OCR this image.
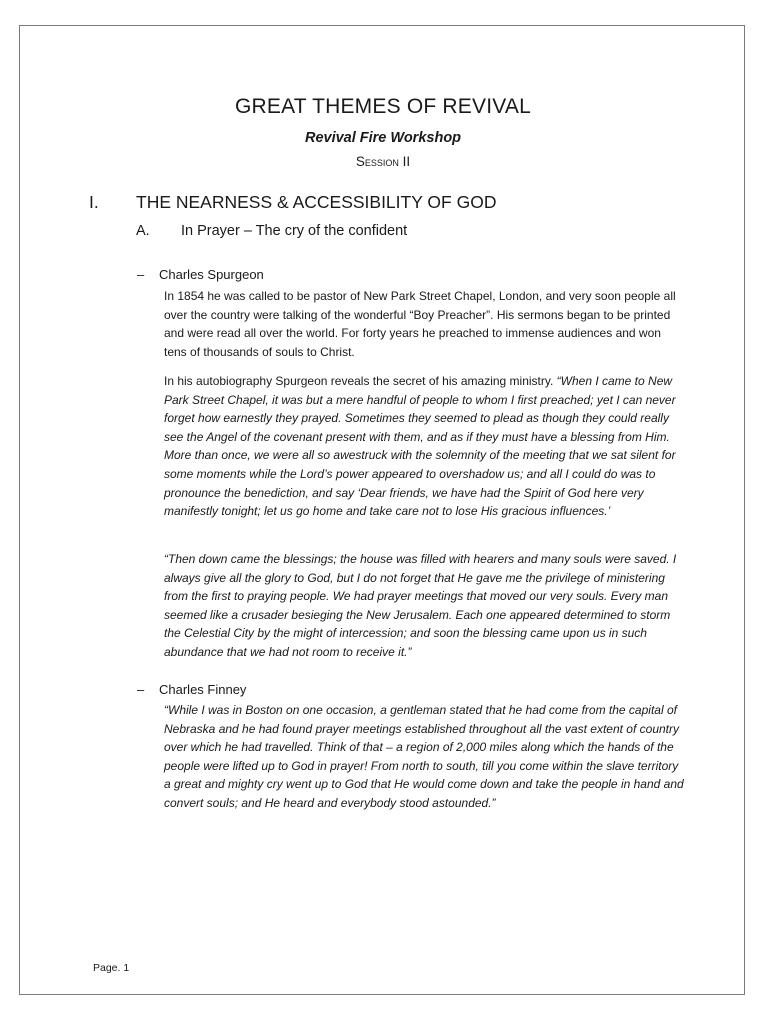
GREAT THEMES OF REVIVAL
Revival Fire Workshop
Session II
I. THE NEARNESS & ACCESSIBILITY OF GOD
A. In Prayer – The cry of the confident
– Charles Spurgeon
In 1854 he was called to be pastor of New Park Street Chapel, London, and very soon people all over the country were talking of the wonderful “Boy Preacher”. His sermons began to be printed and were read all over the world. For forty years he preached to immense audiences and won tens of thousands of souls to Christ.
In his autobiography Spurgeon reveals the secret of his amazing ministry. “When I came to New Park Street Chapel, it was but a mere handful of people to whom I first preached; yet I can never forget how earnestly they prayed. Sometimes they seemed to plead as though they could really see the Angel of the covenant present with them, and as if they must have a blessing from Him. More than once, we were all so awestruck with the solemnity of the meeting that we sat silent for some moments while the Lord’s power appeared to overshadow us; and all I could do was to pronounce the benediction, and say ‘Dear friends, we have had the Spirit of God here very manifestly tonight; let us go home and take care not to lose His gracious influences.’
“Then down came the blessings; the house was filled with hearers and many souls were saved. I always give all the glory to God, but I do not forget that He gave me the privilege of ministering from the first to praying people. We had prayer meetings that moved our very souls. Every man seemed like a crusader besieging the New Jerusalem. Each one appeared determined to storm the Celestial City by the might of intercession; and soon the blessing came upon us in such abundance that we had not room to receive it.”
– Charles Finney
“While I was in Boston on one occasion, a gentleman stated that he had come from the capital of Nebraska and he had found prayer meetings established throughout all the vast extent of country over which he had travelled. Think of that – a region of 2,000 miles along which the hands of the people were lifted up to God in prayer! From north to south, till you come within the slave territory a great and mighty cry went up to God that He would come down and take the people in hand and convert souls; and He heard and everybody stood astounded.”
Page. 1
